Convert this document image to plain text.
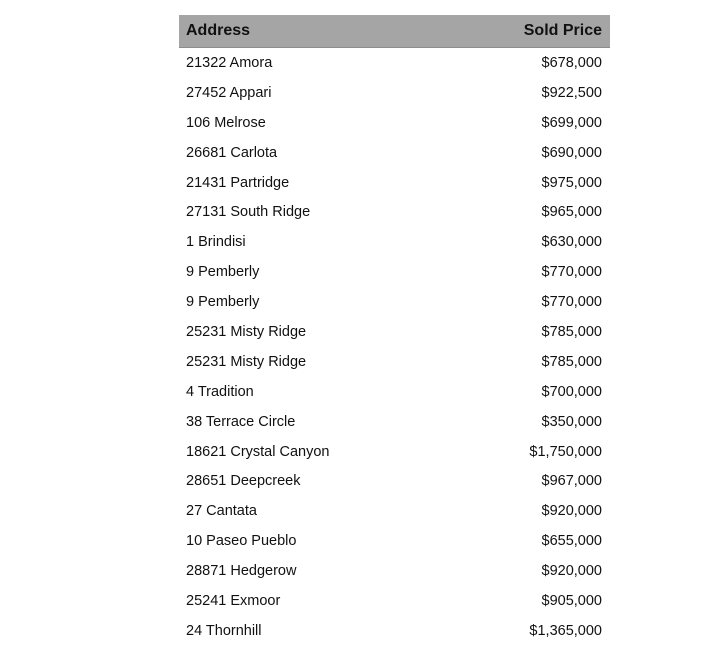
Address	Sold Price
21322 Amora	$678,000
27452 Appari	$922,500
106 Melrose	$699,000
26681 Carlota	$690,000
21431 Partridge	$975,000
27131 South Ridge	$965,000
1 Brindisi	$630,000
9 Pemberly	$770,000
9 Pemberly	$770,000
25231 Misty Ridge	$785,000
25231 Misty Ridge	$785,000
4 Tradition	$700,000
38 Terrace Circle	$350,000
18621 Crystal Canyon	$1,750,000
28651 Deepcreek	$967,000
27 Cantata	$920,000
10 Paseo Pueblo	$655,000
28871 Hedgerow	$920,000
25241 Exmoor	$905,000
24 Thornhill	$1,365,000
